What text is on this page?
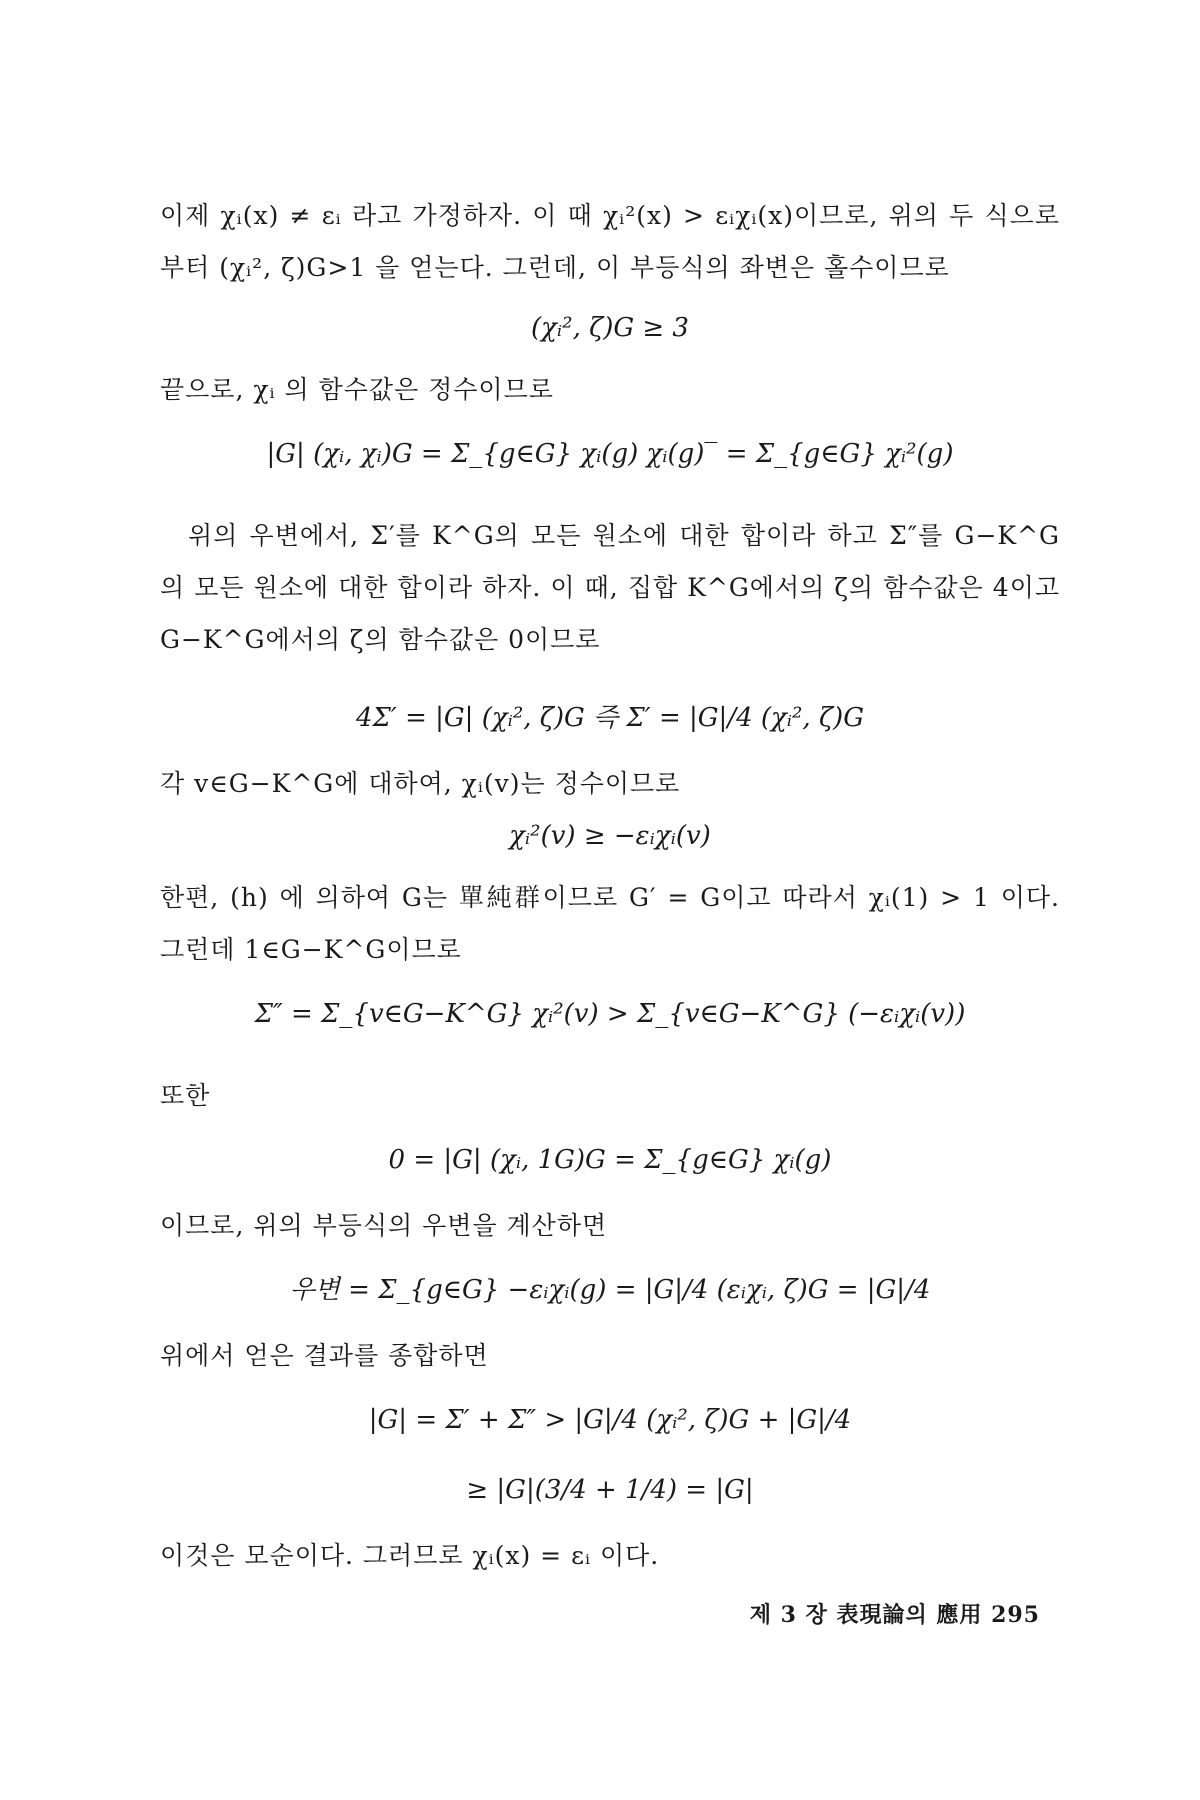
이제 χᵢ(x) ≠ εᵢ 라고 가정하자. 이 때 χᵢ²(x) > εᵢχᵢ(x)이므로, 위의 두 식으로부터 (χᵢ², ζ)G>1 을 얻는다. 그런데, 이 부등식의 좌변은 홀수이므로

(χᵢ², ζ)G ≥ 3

끝으로, χᵢ 의 함수값은 정수이므로

|G| (χᵢ, χᵢ)G = Σ_{g∈G} χᵢ(g) χᵢ(g)‾ = Σ_{g∈G} χᵢ²(g)

위의 우변에서, Σ′를 K^G의 모든 원소에 대한 합이라 하고 Σ″를 G−K^G의 모든 원소에 대한 합이라 하자. 이 때, 집합 K^G에서의 ζ의 함수값은 4이고 G−K^G에서의 ζ의 함수값은 0이므로

4Σ′ = |G| (χᵢ², ζ)G 즉 Σ′ = |G|/4 (χᵢ², ζ)G

각 v∈G−K^G에 대하여, χᵢ(v)는 정수이므로

χᵢ²(v) ≥ −εᵢχᵢ(v)

한편, (h) 에 의하여 G는 單純群이므로 G′ = G이고 따라서 χᵢ(1) > 1 이다. 그런데 1∈G−K^G이므로

Σ″ = Σ_{v∈G−K^G} χᵢ²(v) > Σ_{v∈G−K^G} (−εᵢχᵢ(v))

또한

0 = |G| (χᵢ, 1G)G = Σ_{g∈G} χᵢ(g)

이므로, 위의 부등식의 우변을 계산하면

우변 = Σ_{g∈G} −εᵢχᵢ(g) = |G|/4 (εᵢχᵢ, ζ)G = |G|/4

위에서 얻은 결과를 종합하면

|G| = Σ′ + Σ″ > |G|/4 (χᵢ², ζ)G + |G|/4
≥ |G|(3/4 + 1/4) = |G|

이것은 모순이다. 그러므로 χᵢ(x) = εᵢ 이다.

제 3 장 表現論의 應用 295
